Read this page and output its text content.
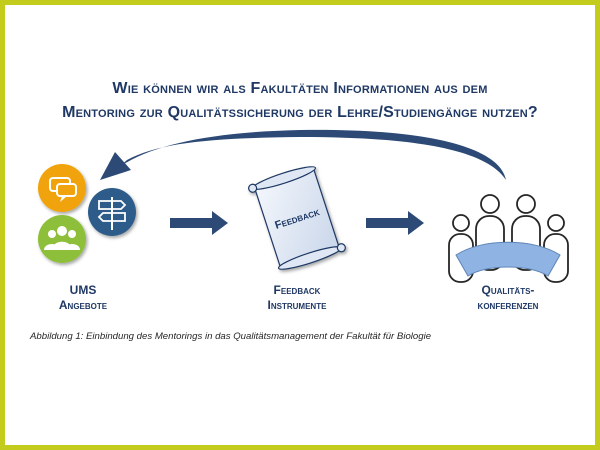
Wie können wir als Fakultäten Informationen aus dem
Mentoring zur Qualitätssicherung der Lehre/Studiengänge nutzen?
Feedback
UMS
Angebote
Feedback
Instrumente
Qualitäts-
konferenzen
Abbildung 1: Einbindung des Mentorings in das Qualitätsmanagement der Fakultät für Biologie
